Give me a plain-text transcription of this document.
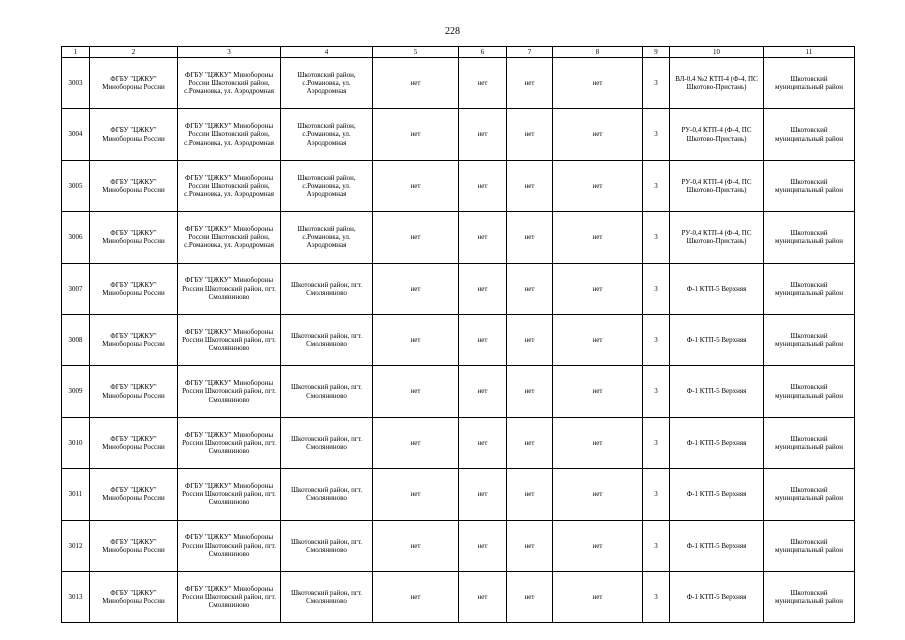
228
1	2	3	4	5	6	7	8	9	10	11
3003	ФГБУ "ЦЖКУ" Минобороны России	ФГБУ "ЦЖКУ" Минобороны России Шкотовский район, с.Романовка, ул. Аэродромная	Шкотовский район, с.Романовка, ул. Аэродромная	нет	нет	нет	нет	3	ВЛ-0,4 №2 КТП-4 (Ф-4, ПС Шкотово-Пристань)	Шкотовский муниципальный район
3004	ФГБУ "ЦЖКУ" Минобороны России	ФГБУ "ЦЖКУ" Минобороны России Шкотовский район, с.Романовка, ул. Аэродромная	Шкотовский район, с.Романовка, ул. Аэродромная	нет	нет	нет	нет	3	РУ-0,4 КТП-4 (Ф-4, ПС Шкотово-Пристань)	Шкотовский муниципальный район
3005	ФГБУ "ЦЖКУ" Минобороны России	ФГБУ "ЦЖКУ" Минобороны России Шкотовский район, с.Романовка, ул. Аэродромная	Шкотовский район, с.Романовка, ул. Аэродромная	нет	нет	нет	нет	3	РУ-0,4 КТП-4 (Ф-4, ПС Шкотово-Пристань)	Шкотовский муниципальный район
3006	ФГБУ "ЦЖКУ" Минобороны России	ФГБУ "ЦЖКУ" Минобороны России Шкотовский район, с.Романовка, ул. Аэродромная	Шкотовский район, с.Романовка, ул. Аэродромная	нет	нет	нет	нет	3	РУ-0,4 КТП-4 (Ф-4, ПС Шкотово-Пристань)	Шкотовский муниципальный район
3007	ФГБУ "ЦЖКУ" Минобороны России	ФГБУ "ЦЖКУ" Минобороны России Шкотовский район, пгт. Смоляниново	Шкотовский район, пгт. Смоляниново	нет	нет	нет	нет	3	Ф-1 КТП-5 Верхняя	Шкотовский муниципальный район
3008	ФГБУ "ЦЖКУ" Минобороны России	ФГБУ "ЦЖКУ" Минобороны России Шкотовский район, пгт. Смоляниново	Шкотовский район, пгт. Смоляниново	нет	нет	нет	нет	3	Ф-1 КТП-5 Верхняя	Шкотовский муниципальный район
3009	ФГБУ "ЦЖКУ" Минобороны России	ФГБУ "ЦЖКУ" Минобороны России Шкотовский район, пгт. Смоляниново	Шкотовский район, пгт. Смоляниново	нет	нет	нет	нет	3	Ф-1 КТП-5 Верхняя	Шкотовский муниципальный район
3010	ФГБУ "ЦЖКУ" Минобороны России	ФГБУ "ЦЖКУ" Минобороны России Шкотовский район, пгт. Смоляниново	Шкотовский район, пгт. Смоляниново	нет	нет	нет	нет	3	Ф-1 КТП-5 Верхняя	Шкотовский муниципальный район
3011	ФГБУ "ЦЖКУ" Минобороны России	ФГБУ "ЦЖКУ" Минобороны России Шкотовский район, пгт. Смоляниново	Шкотовский район, пгт. Смоляниново	нет	нет	нет	нет	3	Ф-1 КТП-5 Верхняя	Шкотовский муниципальный район
3012	ФГБУ "ЦЖКУ" Минобороны России	ФГБУ "ЦЖКУ" Минобороны России Шкотовский район, пгт. Смоляниново	Шкотовский район, пгт. Смоляниново	нет	нет	нет	нет	3	Ф-1 КТП-5 Верхняя	Шкотовский муниципальный район
3013	ФГБУ "ЦЖКУ" Минобороны России	ФГБУ "ЦЖКУ" Минобороны России Шкотовский район, пгт. Смоляниново	Шкотовский район, пгт. Смоляниново	нет	нет	нет	нет	3	Ф-1 КТП-5 Верхняя	Шкотовский муниципальный район
